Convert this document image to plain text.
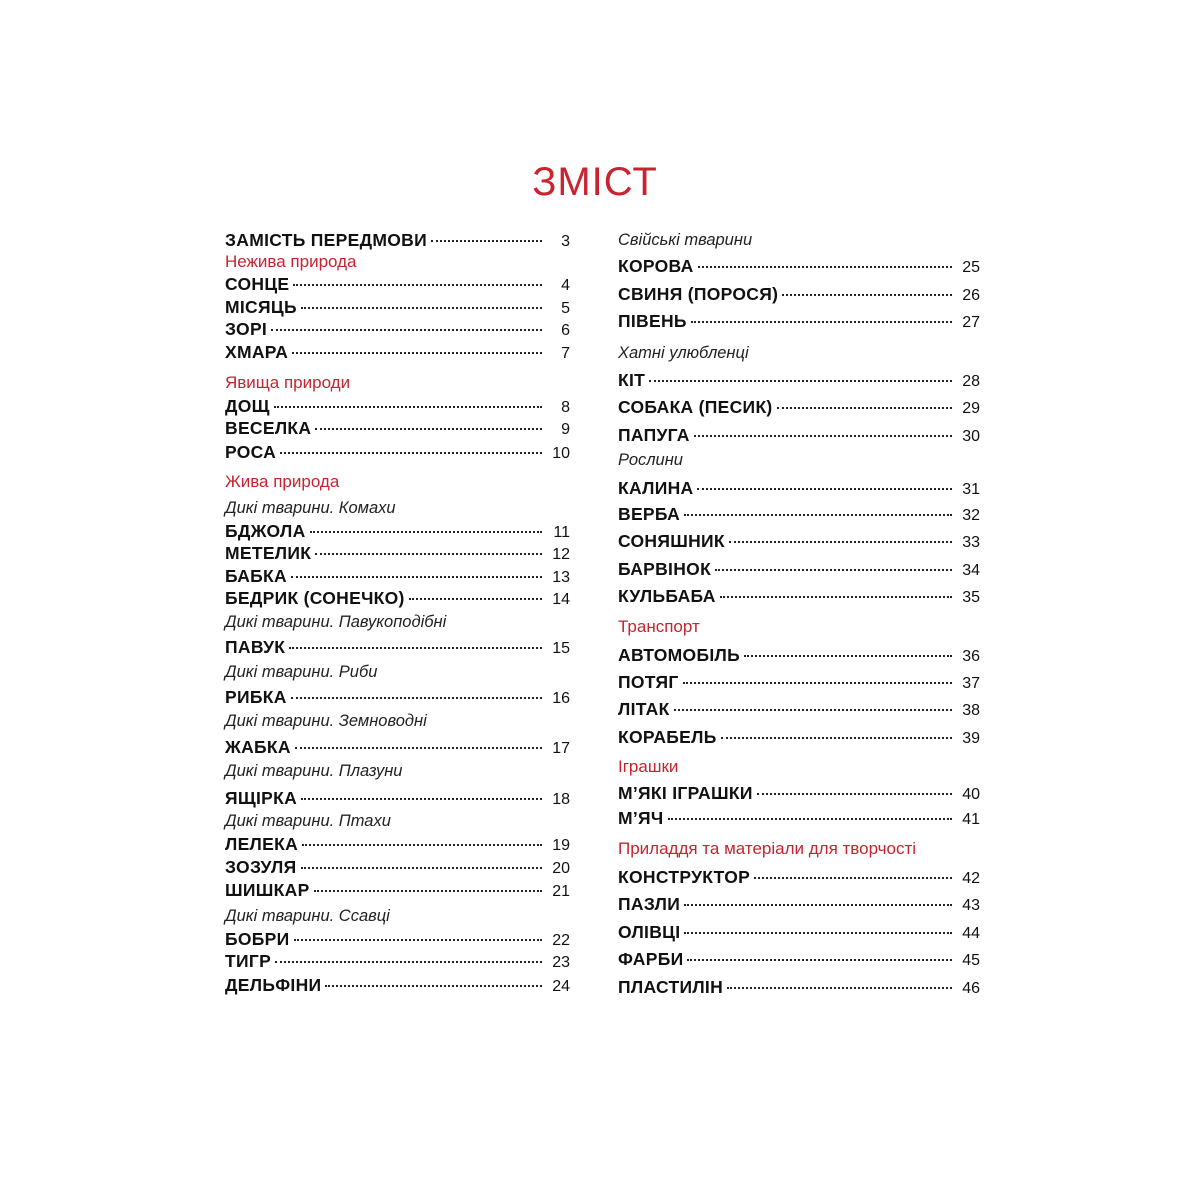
ЗМІСТ
ЗАМІСТЬ ПЕРЕДМОВИ	3
Нежива природа
СОНЦЕ	4
МІСЯЦЬ	5
ЗОРІ	6
ХМАРА	7
Явища природи
ДОЩ	8
ВЕСЕЛКА	9
РОСА	10
Жива природа
Дикі тварини. Комахи
БДЖОЛА	11
МЕТЕЛИК	12
БАБКА	13
БЕДРИК (СОНЕЧКО)	14
Дикі тварини. Павукоподібні
ПАВУК	15
Дикі тварини. Риби
РИБКА	16
Дикі тварини. Земноводні
ЖАБКА	17
Дикі тварини. Плазуни
ЯЩІРКА	18
Дикі тварини. Птахи
ЛЕЛЕКА	19
ЗОЗУЛЯ	20
ШИШКАР	21
Дикі тварини. Ссавці
БОБРИ	22
ТИГР	23
ДЕЛЬФІНИ	24
Свійські тварини
КОРОВА	25
СВИНЯ (ПОРОСЯ)	26
ПІВЕНЬ	27
Хатні улюбленці
КІТ	28
СОБАКА (ПЕСИК)	29
ПАПУГА	30
Рослини
КАЛИНА	31
ВЕРБА	32
СОНЯШНИК	33
БАРВІНОК	34
КУЛЬБАБА	35
Транспорт
АВТОМОБІЛЬ	36
ПОТЯГ	37
ЛІТАК	38
КОРАБЕЛЬ	39
Іграшки
М’ЯКІ ІГРАШКИ	40
М’ЯЧ	41
Приладдя та матеріали для творчості
КОНСТРУКТОР	42
ПАЗЛИ	43
ОЛІВЦІ	44
ФАРБИ	45
ПЛАСТИЛІН	46
